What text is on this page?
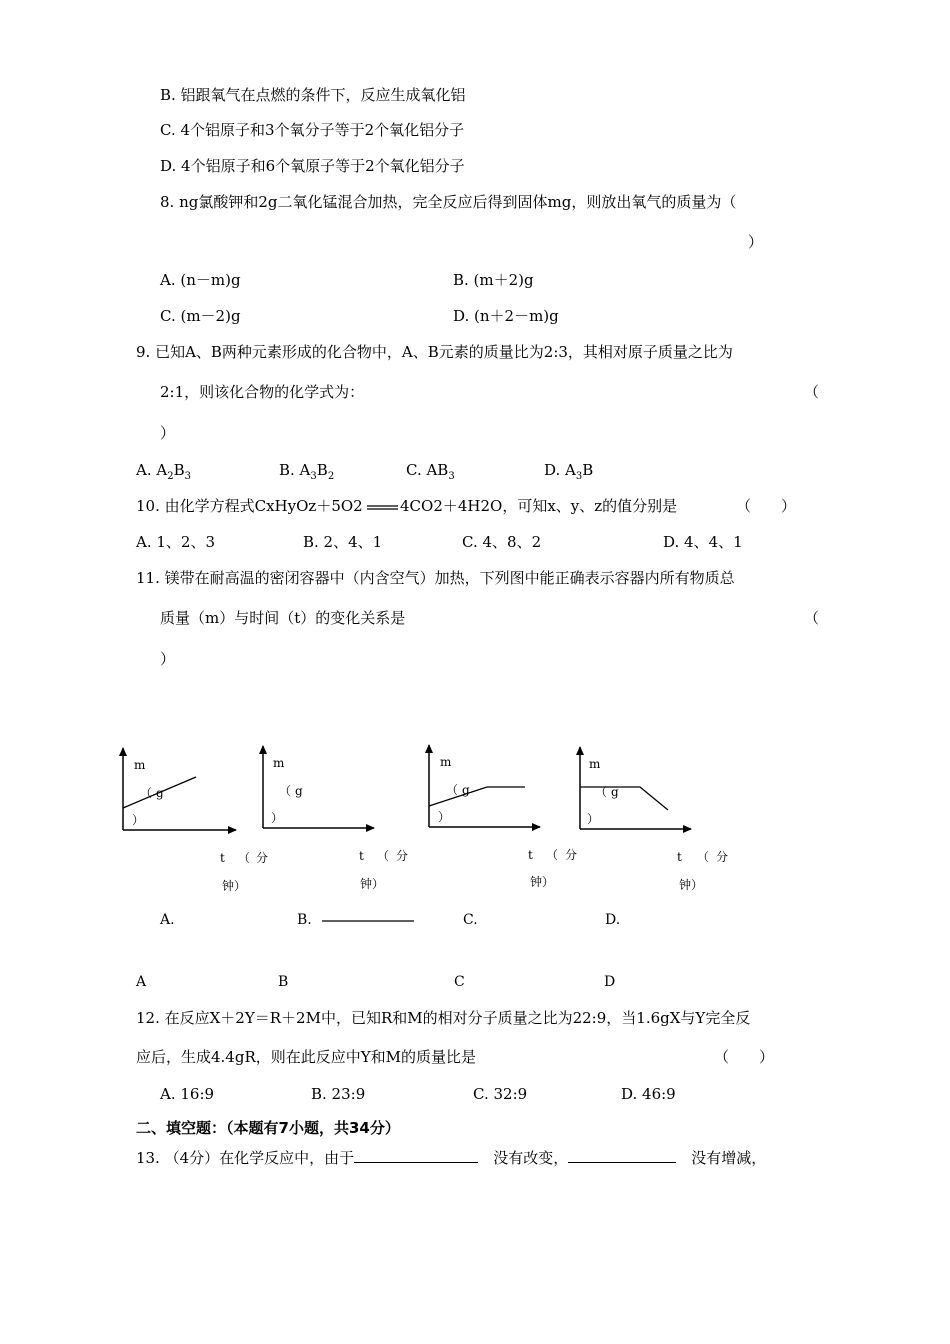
B. 铝跟氧气在点燃的条件下，反应生成氧化铝
C. 4个铝原子和3个氧分子等于2个氧化铝分子
D. 4个铝原子和6个氧原子等于2个氧化铝分子
8. ng氯酸钾和2g二氧化锰混合加热，完全反应后得到固体mg，则放出氧气的质量为（
）
A. (n－m)g	B. (m＋2)g
C. (m－2)g	D. (n＋2－m)g
9. 已知A、B两种元素形成的化合物中，A、B元素的质量比为2:3，其相对原子质量之比为
2:1，则该化合物的化学式为：	（
）
A. $A_2B_3$	B. $A_3B_2$	C. $AB_3$	D. $A_3B$
10. 由化学方程式CxHyOz＋5O2 4CO2＋4H2O，可知x、y、z的值分别是	（　　）
A. 1、2、3	B. 2、4、1	C. 4、8、2	D. 4、4、1
11. 镁带在耐高温的密闭容器中（内含空气）加热，下列图中能正确表示容器内所有物质总
质量（m）与时间（t）的变化关系是	（
）
m
（ g
）
t （ 分
钟）
m
（ g
）
t （ 分
钟）
m
（ g
）
t （ 分
钟）
m
（ g
）
t （ 分
钟）
A.	B.	C.	D.
A	B	C	D
12. 在反应X＋2Y＝R＋2M中，已知R和M的相对分子质量之比为22:9，当1.6gX与Y完全反
应后，生成4.4gR，则在此反应中Y和M的质量比是	（　　）
A. 16:9	B. 23:9	C. 32:9	D. 46:9
二、填空题：（本题有7小题，共34分）
13. （4分）在化学反应中，由于　	没有改变，　	没有增减，
